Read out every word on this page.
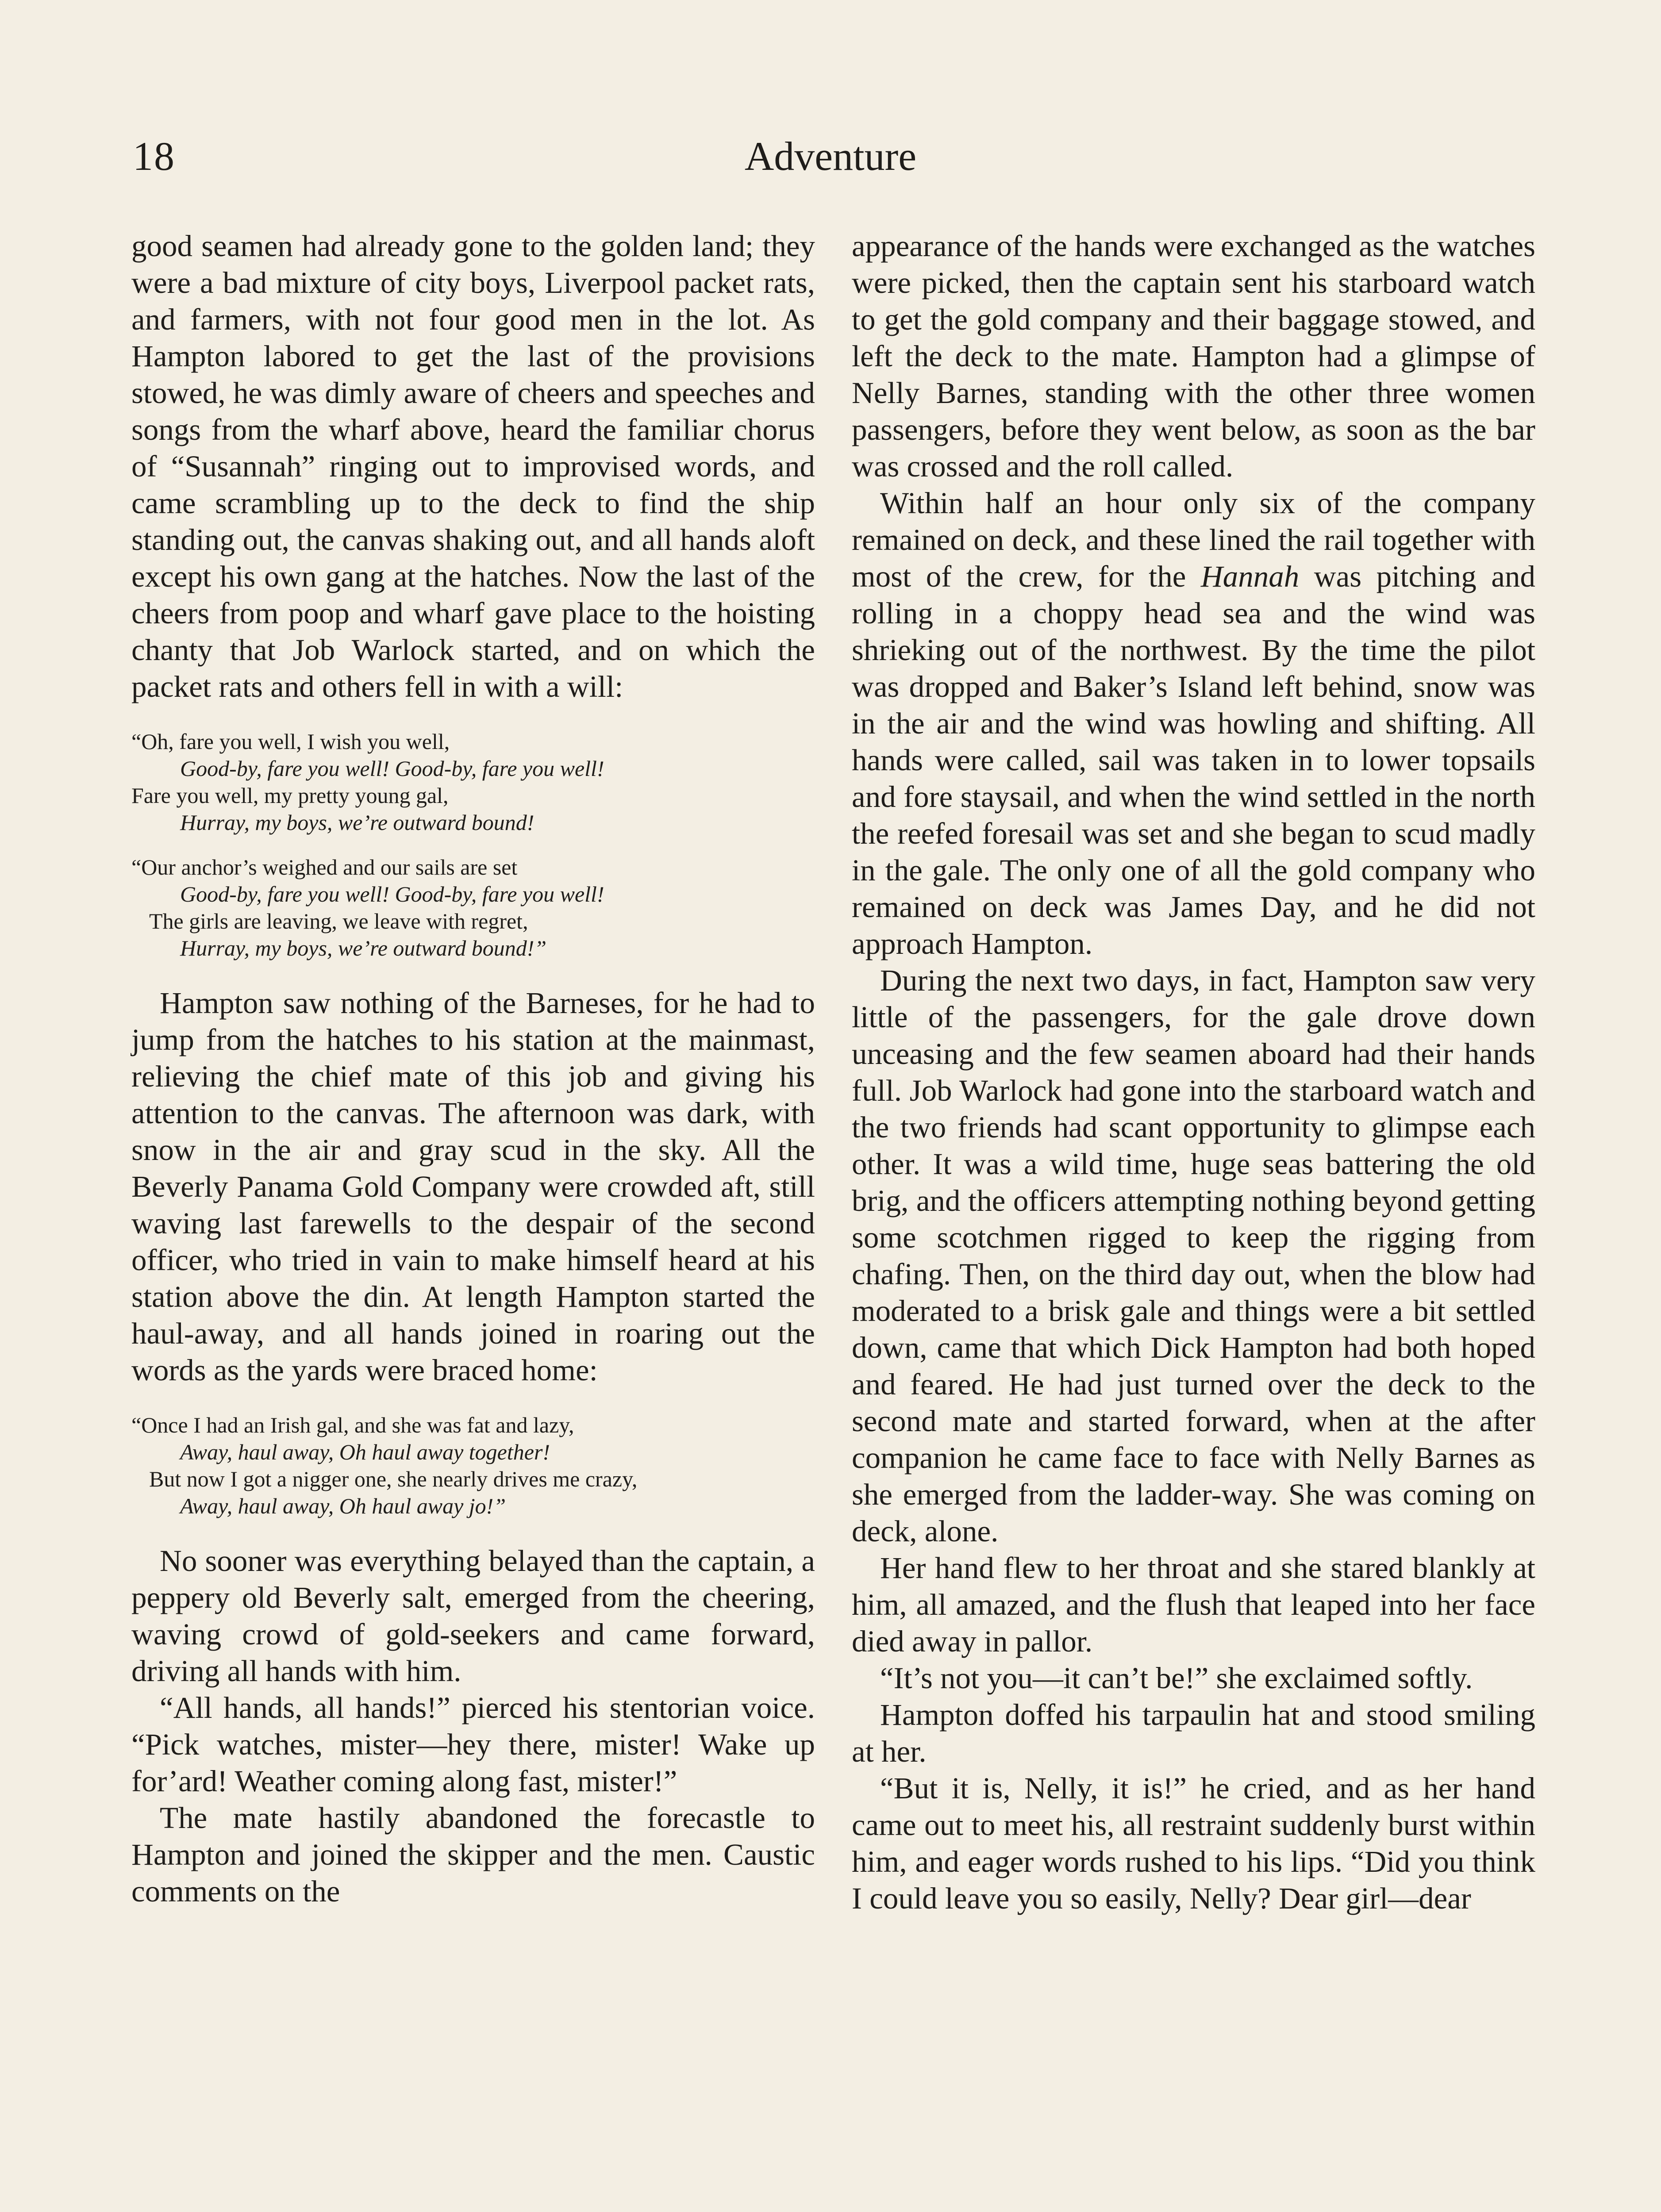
18	Adventure

good seamen had already gone to the golden land; they were a bad mixture of city boys, Liverpool packet rats, and farmers, with not four good men in the lot. As Hampton labored to get the last of the provisions stowed, he was dimly aware of cheers and speeches and songs from the wharf above, heard the familiar chorus of “Susannah” ringing out to improvised words, and came scrambling up to the deck to find the ship standing out, the canvas shaking out, and all hands aloft except his own gang at the hatches. Now the last of the cheers from poop and wharf gave place to the hoisting chanty that Job Warlock started, and on which the packet rats and others fell in with a will:

“Oh, fare you well, I wish you well,
Good-by, fare you well! Good-by, fare you well!
Fare you well, my pretty young gal,
Hurray, my boys, we’re outward bound!
“Our anchor’s weighed and our sails are set
Good-by, fare you well! Good-by, fare you well!
The girls are leaving, we leave with regret,
Hurray, my boys, we’re outward bound!”

Hampton saw nothing of the Barneses, for he had to jump from the hatches to his station at the mainmast, relieving the chief mate of this job and giving his attention to the canvas. The afternoon was dark, with snow in the air and gray scud in the sky. All the Beverly Panama Gold Company were crowded aft, still waving last farewells to the despair of the second officer, who tried in vain to make himself heard at his station above the din. At length Hampton started the haul-away, and all hands joined in roaring out the words as the yards were braced home:

“Once I had an Irish gal, and she was fat and lazy,
Away, haul away, Oh haul away together!
But now I got a nigger one, she nearly drives me crazy,
Away, haul away, Oh haul away jo!”

No sooner was everything belayed than the captain, a peppery old Beverly salt, emerged from the cheering, waving crowd of gold-seekers and came forward, driving all hands with him.

“All hands, all hands!” pierced his stentorian voice. “Pick watches, mister—hey there, mister! Wake up for’ard! Weather coming along fast, mister!”

The mate hastily abandoned the forecastle to Hampton and joined the skipper and the men. Caustic comments on the

appearance of the hands were exchanged as the watches were picked, then the captain sent his starboard watch to get the gold company and their baggage stowed, and left the deck to the mate. Hampton had a glimpse of Nelly Barnes, standing with the other three women passengers, before they went below, as soon as the bar was crossed and the roll called.

Within half an hour only six of the company remained on deck, and these lined the rail together with most of the crew, for the Hannah was pitching and rolling in a choppy head sea and the wind was shrieking out of the northwest. By the time the pilot was dropped and Baker’s Island left behind, snow was in the air and the wind was howling and shifting. All hands were called, sail was taken in to lower topsails and fore staysail, and when the wind settled in the north the reefed foresail was set and she began to scud madly in the gale. The only one of all the gold company who remained on deck was James Day, and he did not approach Hampton.

During the next two days, in fact, Hampton saw very little of the passengers, for the gale drove down unceasing and the few seamen aboard had their hands full. Job Warlock had gone into the starboard watch and the two friends had scant opportunity to glimpse each other. It was a wild time, huge seas battering the old brig, and the officers attempting nothing beyond getting some scotchmen rigged to keep the rigging from chafing. Then, on the third day out, when the blow had moderated to a brisk gale and things were a bit settled down, came that which Dick Hampton had both hoped and feared. He had just turned over the deck to the second mate and started forward, when at the after companion he came face to face with Nelly Barnes as she emerged from the ladder-way. She was coming on deck, alone.

Her hand flew to her throat and she stared blankly at him, all amazed, and the flush that leaped into her face died away in pallor.

“It’s not you—it can’t be!” she exclaimed softly.

Hampton doffed his tarpaulin hat and stood smiling at her.

“But it is, Nelly, it is!” he cried, and as her hand came out to meet his, all restraint suddenly burst within him, and eager words rushed to his lips. “Did you think I could leave you so easily, Nelly? Dear girl—dear
